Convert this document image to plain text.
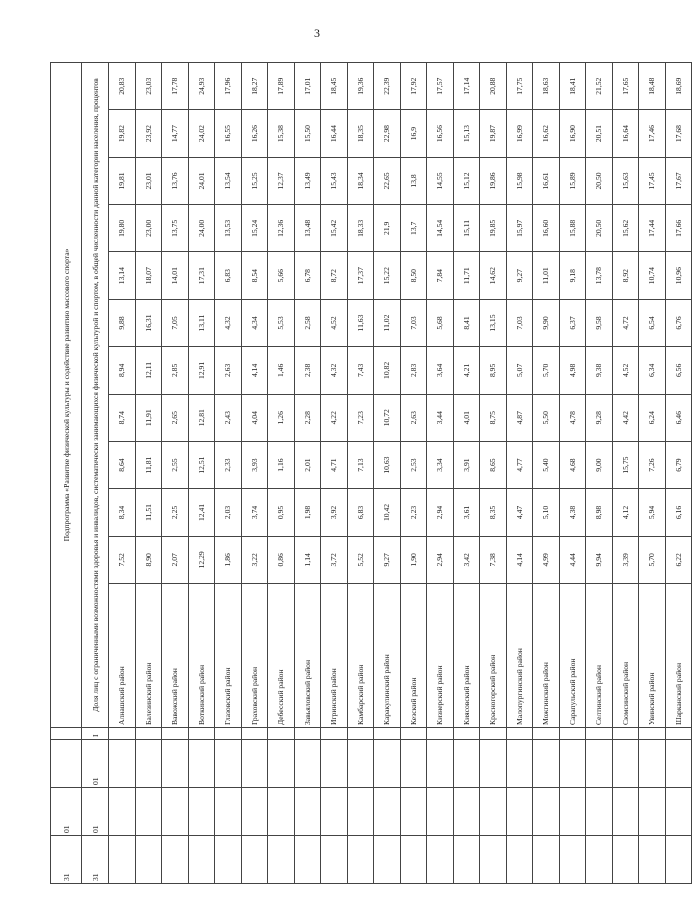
3
31	01			Подпрограмма «Развитие физической культуры и содействие развитию массового спорта»											
31	01	01	I	Доля лиц с ограниченными возможностями здоровья и инвалидов, систематически занимающихся физической культурой и спортом, в общей численности данной категории населения, процентов											
				Алнашский район	7,52	8,34	8,64	8,74	8,94	9,88	13,14	19,80	19,81	19,82	20,83
				Балезинский район	8,90	11,51	11,81	11,91	12,11	16,31	18,07	23,00	23,01	23,92	23,03
				Вавожский район	2,07	2,25	2,55	2,65	2,85	7,05	14,01	13,75	13,76	14,77	17,78
				Воткинский район	12,29	12,41	12,51	12,81	12,91	13,11	17,31	24,00	24,01	24,02	24,93
				Глазовский район	1,86	2,03	2,33	2,43	2,63	4,32	6,83	13,53	13,54	16,55	17,96
				Граховский район	3,22	3,74	3,93	4,04	4,14	4,34	8,54	15,24	15,25	16,26	18,27
				Дебесский район	0,86	0,95	1,16	1,26	1,46	5,53	5,66	12,36	12,37	15,38	17,89
				Завьяловский район	1,14	1,98	2,01	2,28	2,38	2,58	6,78	13,48	13,49	15,50	17,01
				Игринский район	3,72	3,92	4,71	4,22	4,32	4,52	8,72	15,42	15,43	16,44	18,45
				Камбарский район	5,52	6,83	7,13	7,23	7,43	11,63	17,37	18,33	18,34	18,35	19,36
				Каракулинский район	9,27	10,42	10,63	10,72	10,82	11,02	15,22	21,9	22,65	22,98	22,39
				Кезский район	1,90	2,23	2,53	2,63	2,83	7,03	8,50	13,7	13,8	16,9	17,92
				Кизнерский район	2,94	2,94	3,34	3,44	3,64	5,68	7,84	14,54	14,55	16,56	17,57
				Киясовский район	3,42	3,61	3,91	4,01	4,21	8,41	11,71	15,11	15,12	15,13	17,14
				Красногорский район	7,38	8,35	8,65	8,75	8,95	13,15	14,62	19,85	19,86	19,87	20,88
				Малопургинский район	4,14	4,47	4,77	4,87	5,07	7,03	9,27	15,97	15,98	16,99	17,75
				Можгинский район	4,99	5,10	5,40	5,50	5,70	9,90	11,01	16,60	16,61	16,62	18,63
				Сарапульский район	4,44	4,38	4,68	4,78	4,98	6,37	9,18	15,88	15,89	16,90	18,41
				Селтинский район	9,94	8,98	9,00	9,28	9,38	9,58	13,78	20,50	20,50	20,51	21,52
				Сюмсинский район	3,39	4,12	15,75	4,42	4,52	4,72	8,92	15,62	15,63	16,64	17,65
				Увинский район	5,70	5,94	7,26	6,24	6,34	6,54	10,74	17,44	17,45	17,46	18,48
				Шарканский район	6,22	6,16	6,79	6,46	6,56	6,76	10,96	17,66	17,67	17,68	18,69
